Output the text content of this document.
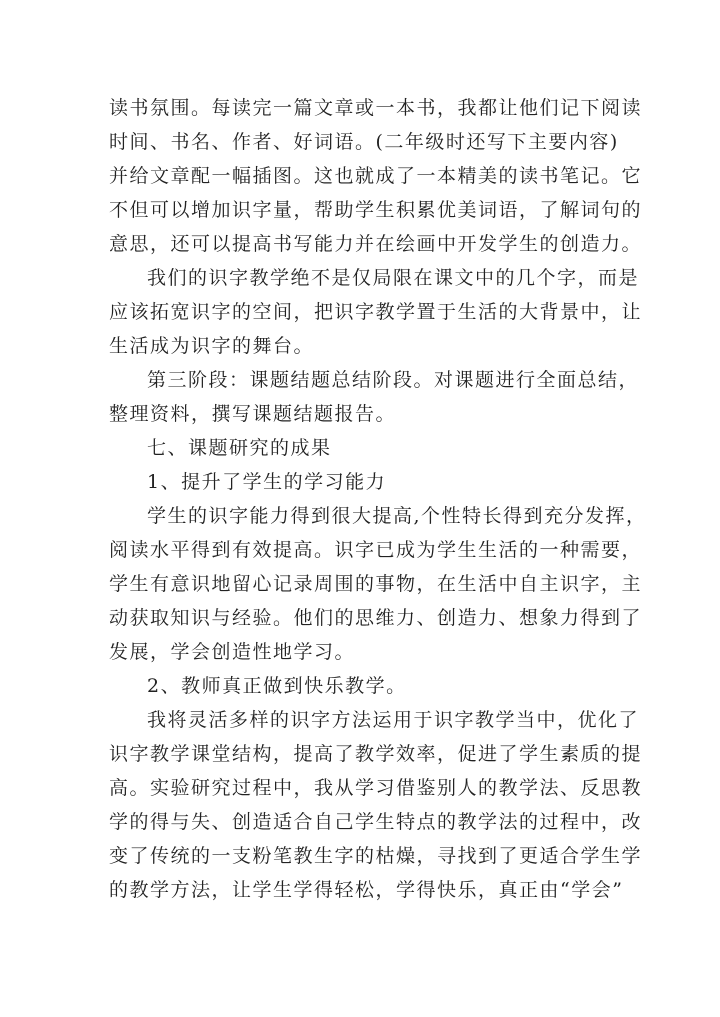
读书氛围。每读完一篇文章或一本书，我都让他们记下阅读
时间、书名、作者、好词语。(二年级时还写下主要内容)
并给文章配一幅插图。这也就成了一本精美的读书笔记。它
不但可以增加识字量，帮助学生积累优美词语，了解词句的
意思，还可以提高书写能力并在绘画中开发学生的创造力。
我们的识字教学绝不是仅局限在课文中的几个字，而是
应该拓宽识字的空间，把识字教学置于生活的大背景中，让
生活成为识字的舞台。
第三阶段：课题结题总结阶段。对课题进行全面总结，
整理资料，撰写课题结题报告。
七、课题研究的成果
1、提升了学生的学习能力
学生的识字能力得到很大提高,个性特长得到充分发挥，
阅读水平得到有效提高。识字已成为学生生活的一种需要，
学生有意识地留心记录周围的事物，在生活中自主识字，主
动获取知识与经验。他们的思维力、创造力、想象力得到了
发展，学会创造性地学习。
2、教师真正做到快乐教学。
我将灵活多样的识字方法运用于识字教学当中，优化了
识字教学课堂结构，提高了教学效率，促进了学生素质的提
高。实验研究过程中，我从学习借鉴别人的教学法、反思教
学的得与失、创造适合自己学生特点的教学法的过程中，改
变了传统的一支粉笔教生字的枯燥，寻找到了更适合学生学
的教学方法，让学生学得轻松，学得快乐，真正由“学会”
